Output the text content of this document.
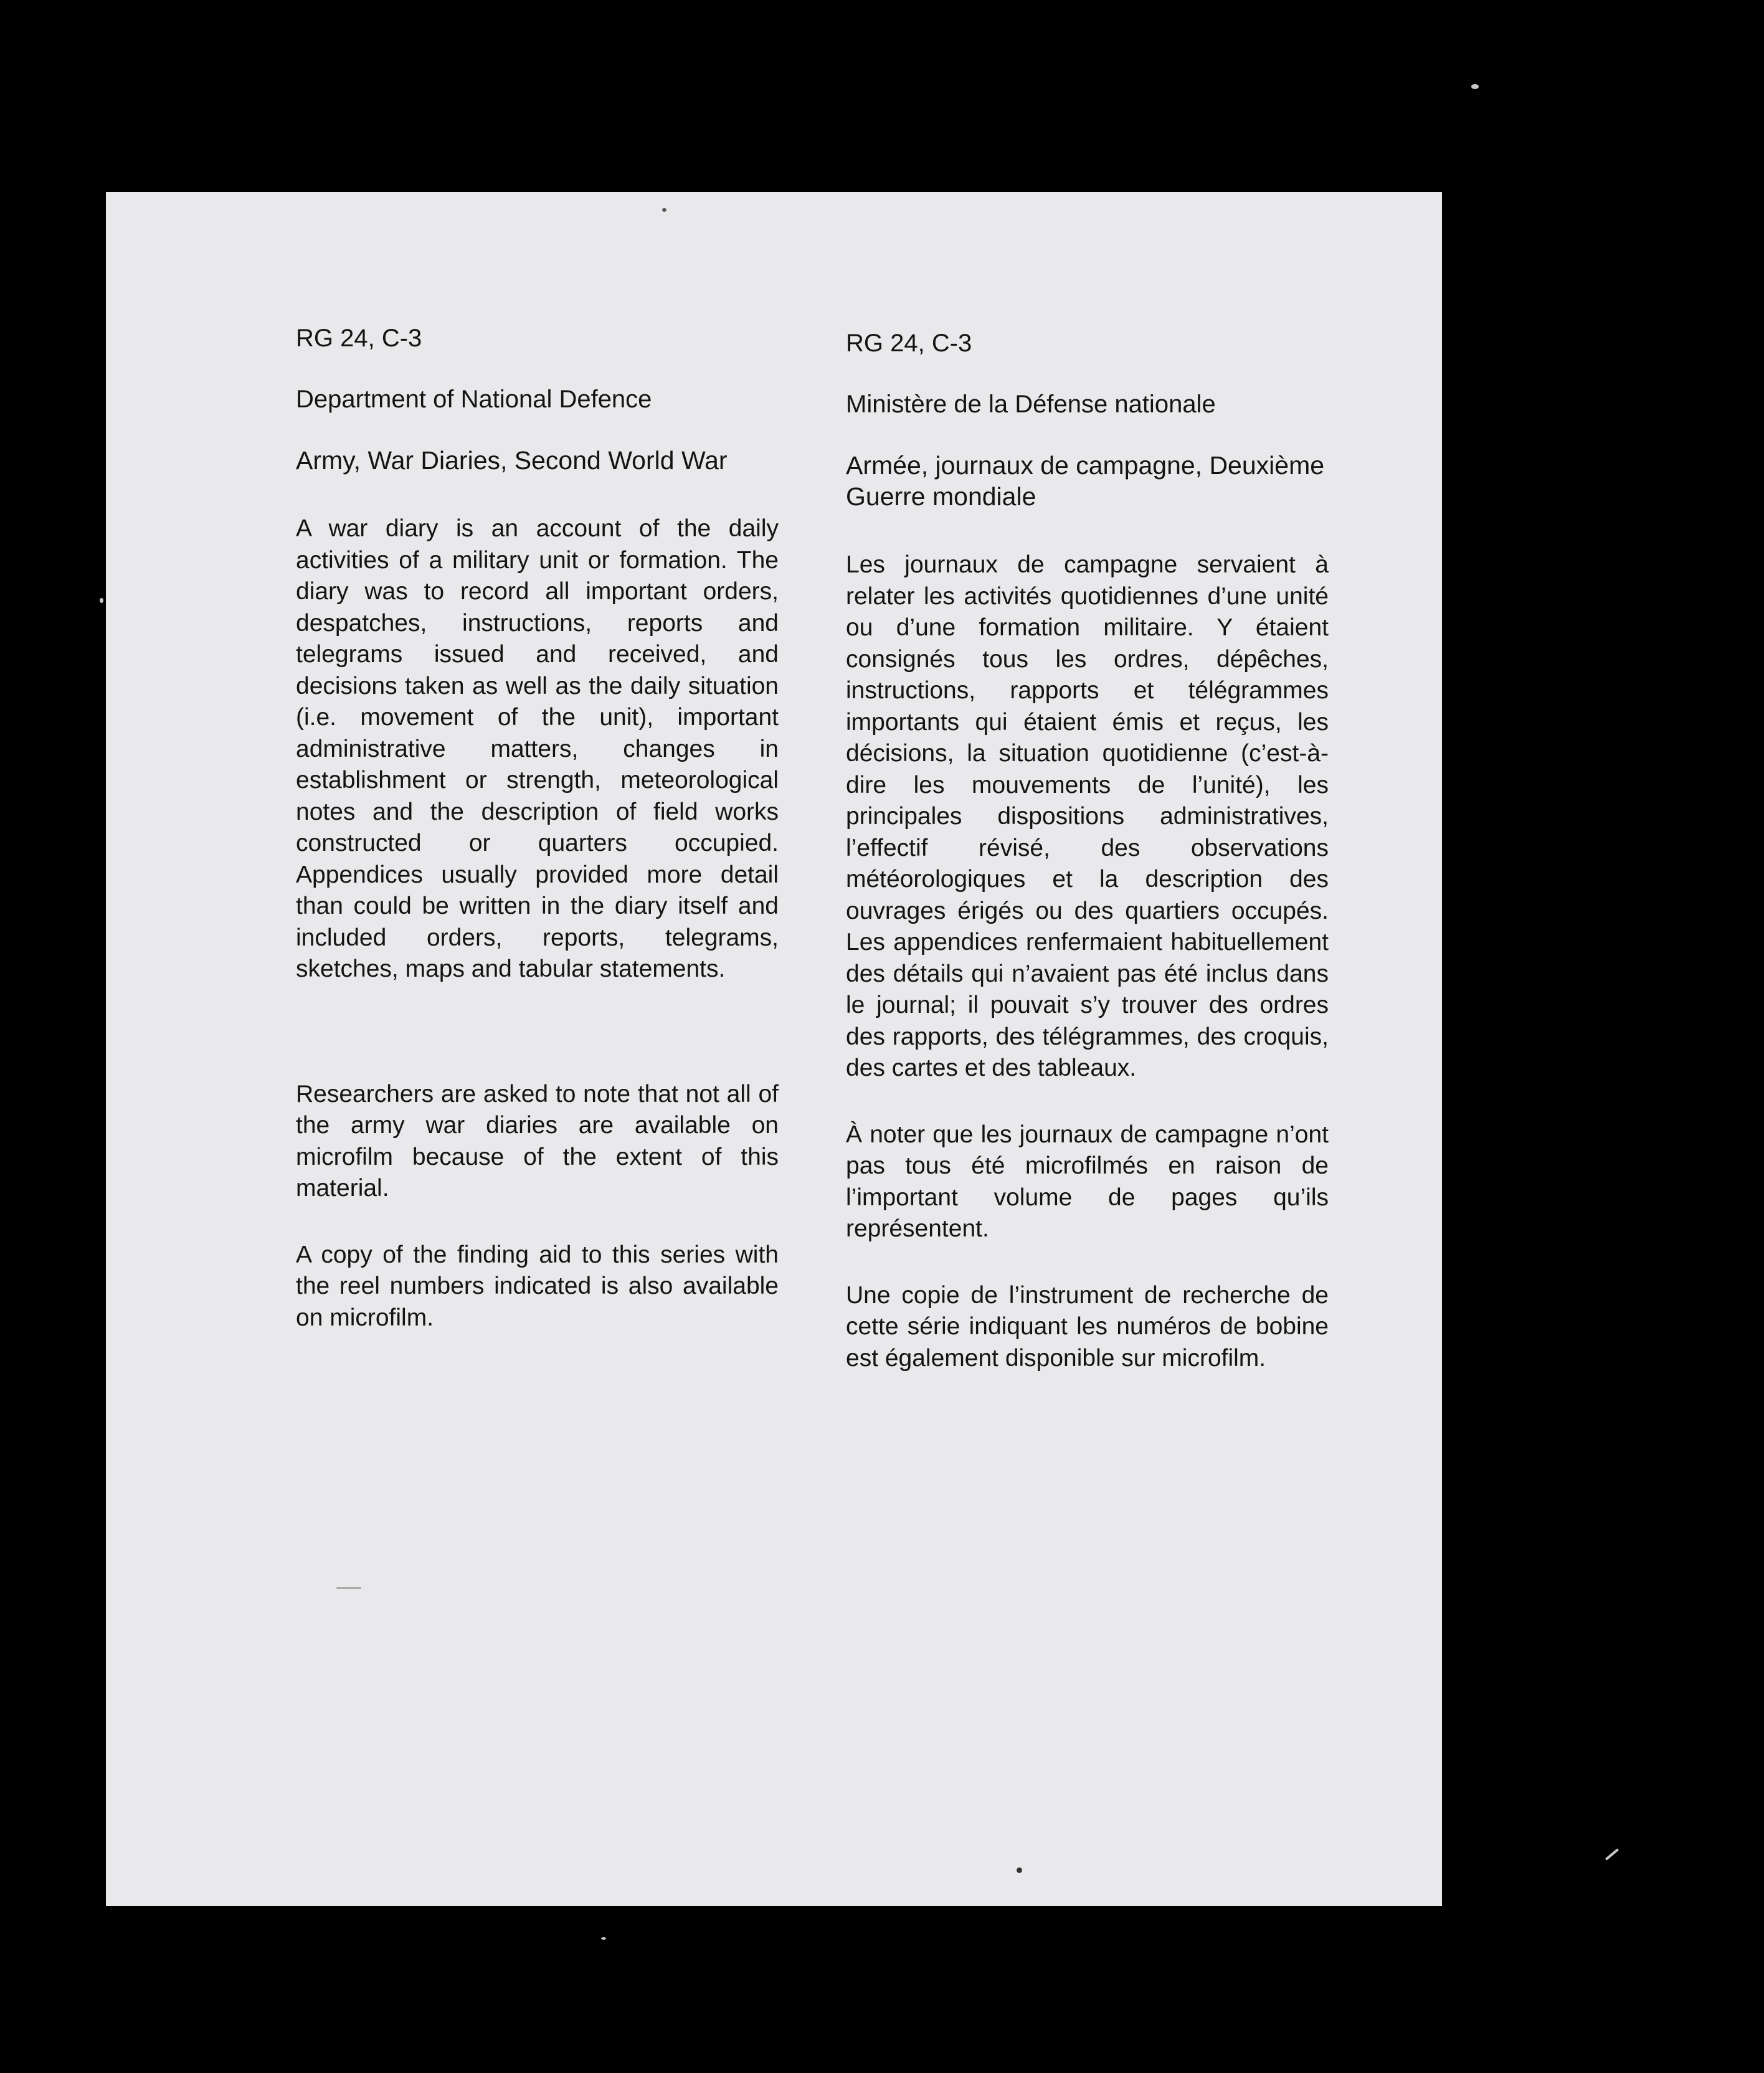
RG 24, C-3
Department of National Defence
Army, War Diaries, Second World War

A war diary is an account of the daily activities of a military unit or formation. The diary was to record all important orders, despatches, instructions, reports and telegrams issued and received, and decisions taken as well as the daily situation (i.e. movement of the unit), important administrative matters, changes in establishment or strength, meteorological notes and the description of field works constructed or quarters occupied. Appendices usually provided more detail than could be written in the diary itself and included orders, reports, telegrams, sketches, maps and tabular statements.

Researchers are asked to note that not all of the army war diaries are available on microfilm because of the extent of this material.

A copy of the finding aid to this series with the reel numbers indicated is also available on microfilm.

RG 24, C-3
Ministère de la Défense nationale
Armée, journaux de campagne, Deuxième Guerre mondiale

Les journaux de campagne servaient à relater les activités quotidiennes d’une unité ou d’une formation militaire. Y étaient consignés tous les ordres, dépêches, instructions, rapports et télégrammes importants qui étaient émis et reçus, les décisions, la situation quotidienne (c’est-à-dire les mouvements de l’unité), les principales dispositions administratives, l’effectif révisé, des observations météorologiques et la description des ouvrages érigés ou des quartiers occupés. Les appendices renfermaient habituellement des détails qui n’avaient pas été inclus dans le journal; il pouvait s’y trouver des ordres des rapports, des télégrammes, des croquis, des cartes et des tableaux.

À noter que les journaux de campagne n’ont pas tous été microfilmés en raison de l’important volume de pages qu’ils représentent.

Une copie de l’instrument de recherche de cette série indiquant les numéros de bobine est également disponible sur microfilm.
